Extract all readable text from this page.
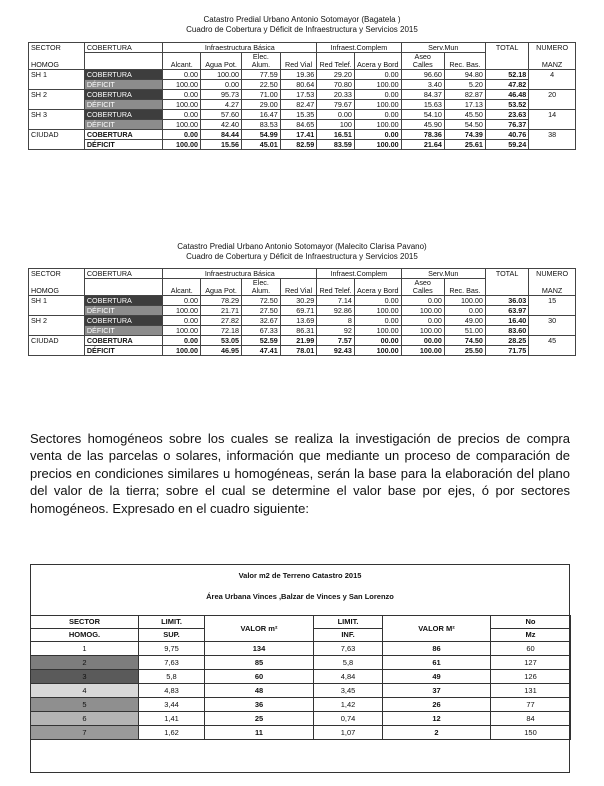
Catastro Predial Urbano Antonio Sotomayor (Bagatela )
Cuadro de Cobertura y Déficit de Infraestructura y Servicios 2015
SECTOR	COBERTURA	Infraestructura Básica				Infraest.Complem		Serv.Mun		TOTAL	NUMERO
HOMOG		Alcant.	Agua Pot.	Elec. Alum.	Red Vial	Red Telef.	Acera y Bord	Aseo Calles	Rec. Bas.		MANZ
SH 1	COBERTURA	0.00	100.00	77.59	19.36	29.20	0.00	96.60	94.80	52.18	4
	DÉFICIT	100.00	0.00	22.50	80.64	70.80	100.00	3.40	5.20	47.82	
SH 2	COBERTURA	0.00	95.73	71.00	17.53	20.33	0.00	84.37	82.87	46.48	20
	DÉFICIT	100.00	4.27	29.00	82.47	79.67	100.00	15.63	17.13	53.52	
SH 3	COBERTURA	0.00	57.60	16.47	15.35	0.00	0.00	54.10	45.50	23.63	14
	DÉFICIT	100.00	42.40	83.53	84.65	100	100.00	45.90	54.50	76.37	
CIUDAD	COBERTURA	0.00	84.44	54.99	17.41	16.51	0.00	78.36	74.39	40.76	38
	DÉFICIT	100.00	15.56	45.01	82.59	83.59	100.00	21.64	25.61	59.24	
Catastro Predial Urbano Antonio Sotomayor (Malecito Clarisa Pavano)
Cuadro de Cobertura y Déficit de Infraestructura y Servicios 2015
SECTOR	COBERTURA	Infraestructura Básica				Infraest.Complem		Serv.Mun		TOTAL	NUMERO
HOMOG		Alcant.	Agua Pot.	Elec. Alum.	Red Vial	Red Telef.	Acera y Bord	Aseo Calles	Rec. Bas.		MANZ
SH 1	COBERTURA	0.00	78.29	72.50	30.29	7.14	0.00	0.00	100.00	36.03	15
	DÉFICIT	100.00	21.71	27.50	69.71	92.86	100.00	100.00	0.00	63.97	
SH 2	COBERTURA	0.00	27.82	32.67	13.69	8	0.00	0.00	49.00	16.40	30
	DÉFICIT	100.00	72.18	67.33	86.31	92	100.00	100.00	51.00	83.60	
CIUDAD	COBERTURA	0.00	53.05	52.59	21.99	7.57	00.00	00.00	74.50	28.25	45
	DÉFICIT	100.00	46.95	47.41	78.01	92.43	100.00	100.00	25.50	71.75	
Sectores homogéneos sobre los cuales se realiza la investigación de precios de compra venta de las parcelas o solares, información que mediante un proceso de comparación de precios en condiciones similares u homogéneas, serán la base para la elaboración del plano del valor de la tierra; sobre el cual se determine el valor base por ejes, ó por sectores homogéneos. Expresado en el cuadro siguiente:
Valor m2 de Terreno Catastro 2015
Área Urbana Vinces ,Balzar de Vinces y San Lorenzo
SECTOR	LIMIT.	VALOR m²	LIMIT.	VALOR M²	No
HOMOG.	SUP.		INF.		Mz
1	9,75	134	7,63	86	60
2	7,63	85	5,8	61	127
3	5,8	60	4,84	49	126
4	4,83	48	3,45	37	131
5	3,44	36	1,42	26	77
6	1,41	25	0,74	12	84
7	1,62	11	1,07	2	150
